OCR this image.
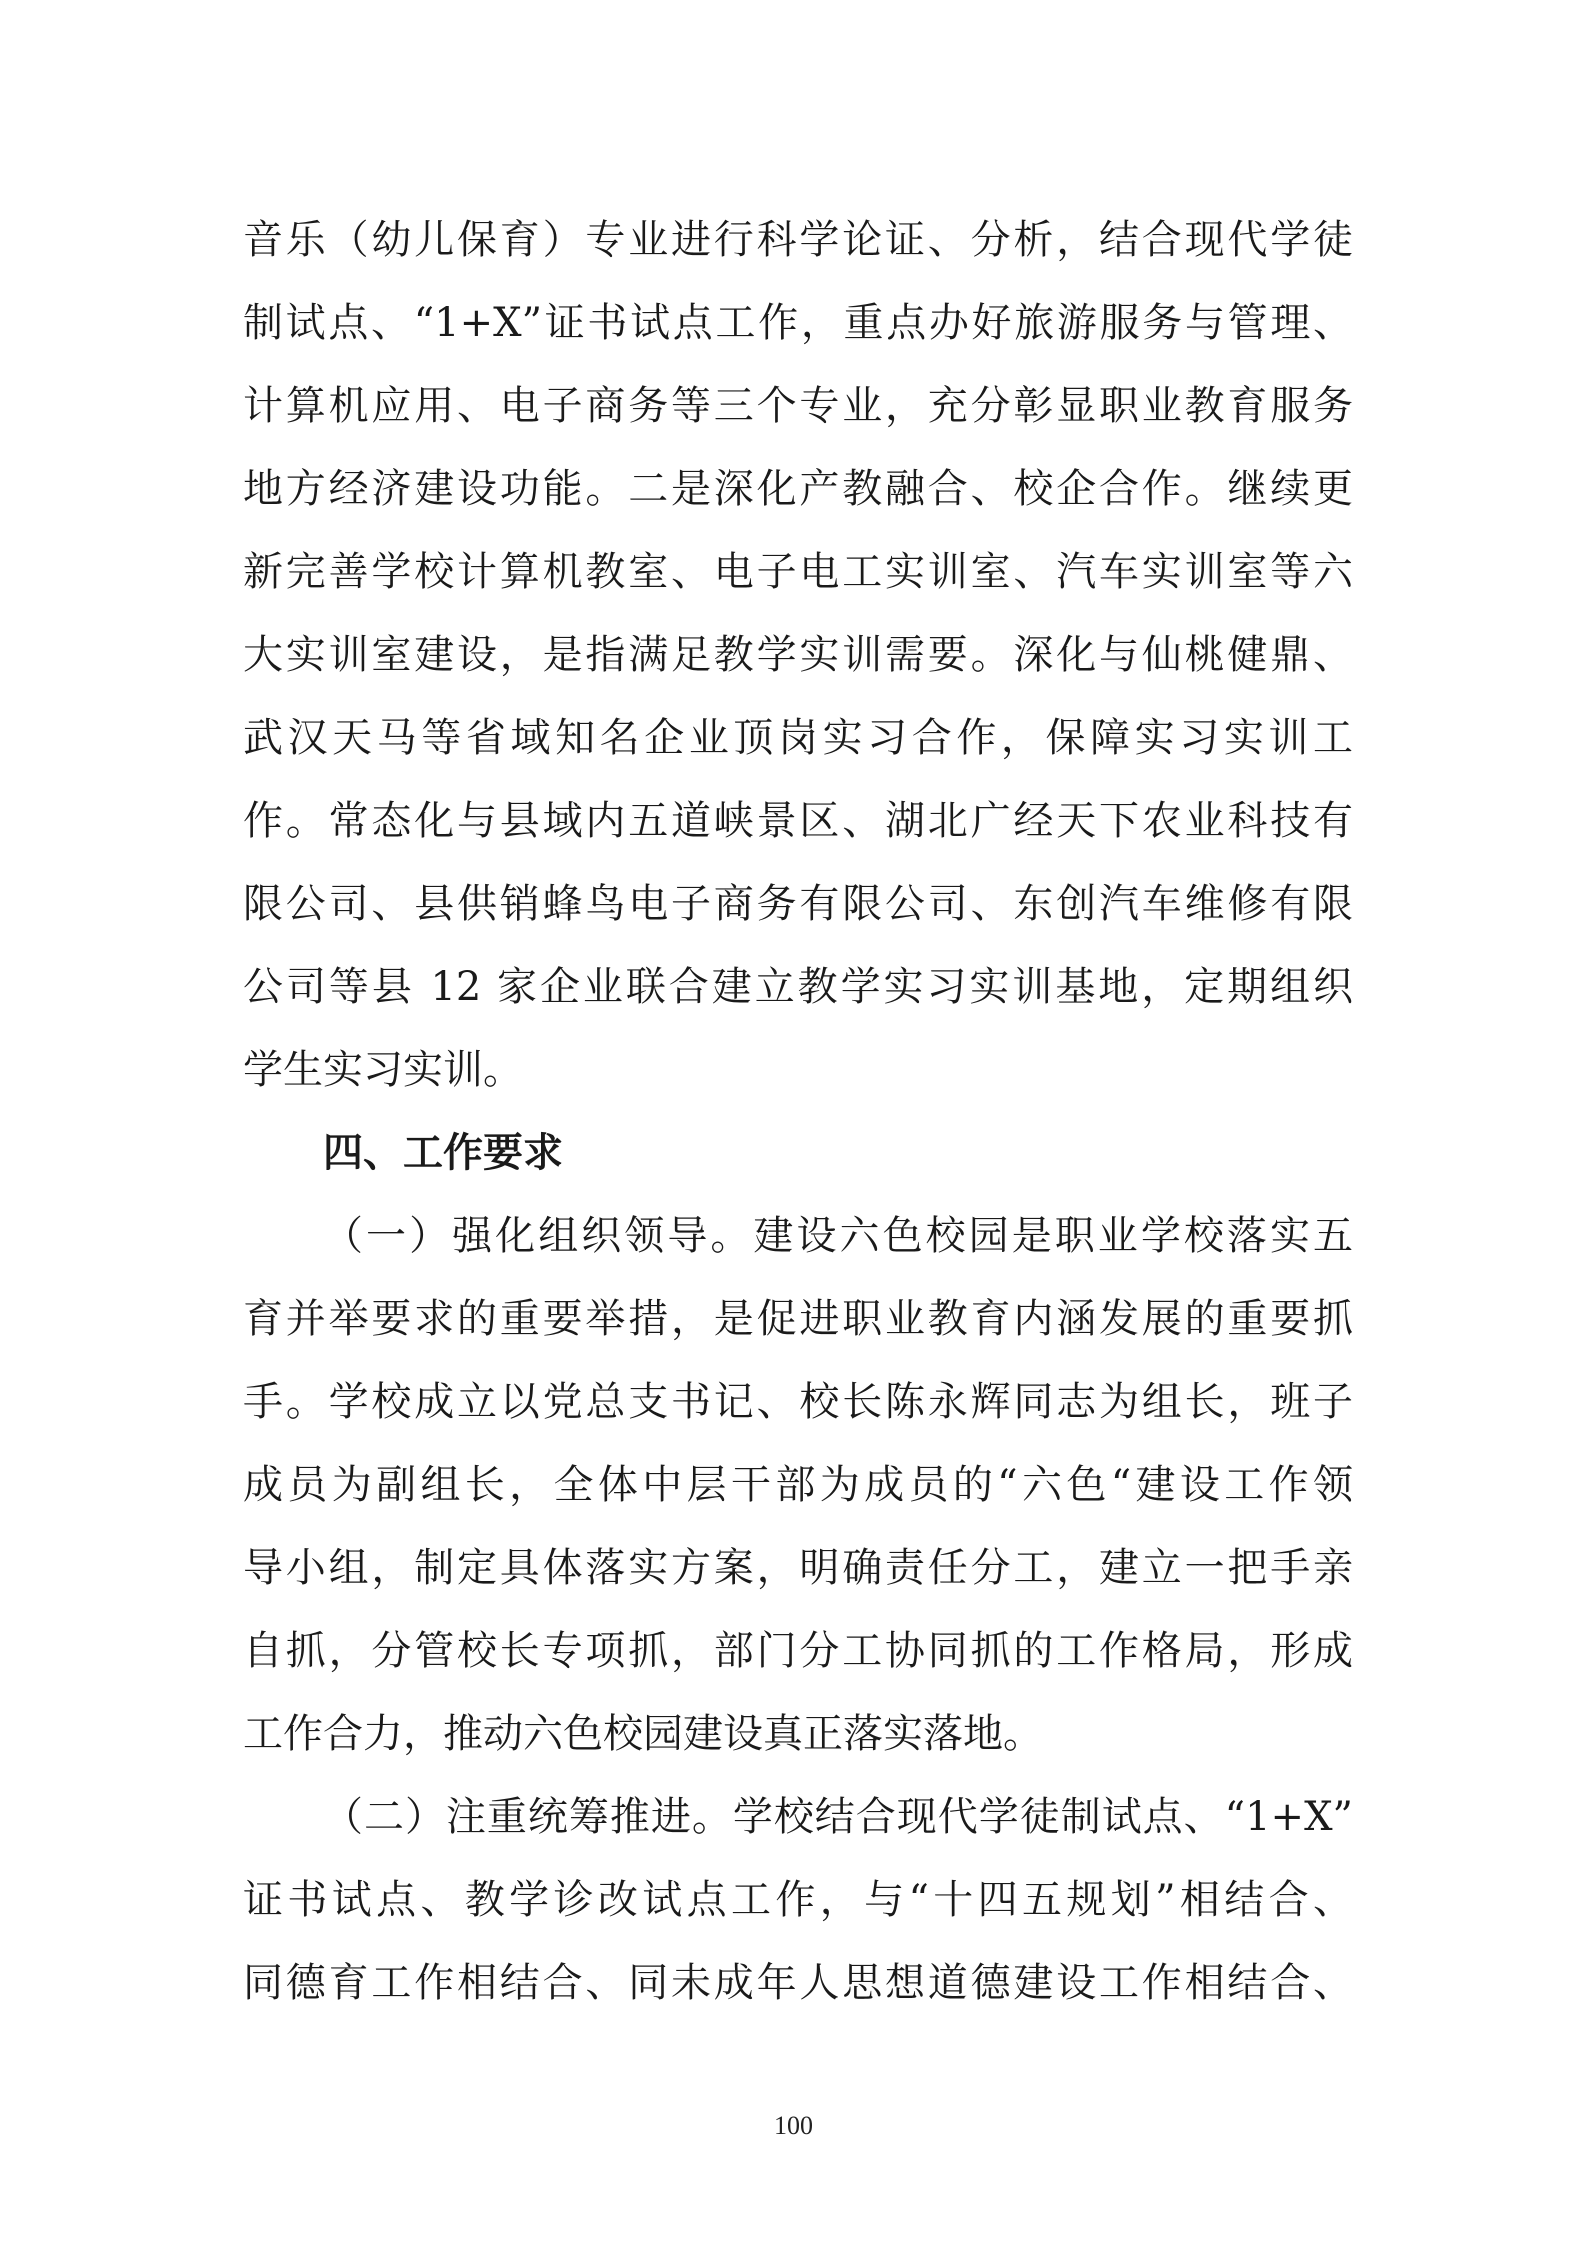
音乐（幼儿保育）专业进行科学论证、分析，结合现代学徒
制试点、“1+X”证书试点工作，重点办好旅游服务与管理、
计算机应用、电子商务等三个专业，充分彰显职业教育服务
地方经济建设功能。二是深化产教融合、校企合作。继续更
新完善学校计算机教室、电子电工实训室、汽车实训室等六
大实训室建设，是指满足教学实训需要。深化与仙桃健鼎、
武汉天马等省域知名企业顶岗实习合作，保障实习实训工
作。常态化与县域内五道峡景区、湖北广经天下农业科技有
限公司、县供销蜂鸟电子商务有限公司、东创汽车维修有限
公司等县 12 家企业联合建立教学实习实训基地，定期组织
学生实习实训。
四、工作要求
（一）强化组织领导。建设六色校园是职业学校落实五
育并举要求的重要举措，是促进职业教育内涵发展的重要抓
手。学校成立以党总支书记、校长陈永辉同志为组长，班子
成员为副组长，全体中层干部为成员的“六色“建设工作领
导小组，制定具体落实方案，明确责任分工，建立一把手亲
自抓，分管校长专项抓，部门分工协同抓的工作格局，形成
工作合力，推动六色校园建设真正落实落地。
（二）注重统筹推进。学校结合现代学徒制试点、“1+X”
证书试点、教学诊改试点工作，与“十四五规划”相结合、
同德育工作相结合、同未成年人思想道德建设工作相结合、
100
